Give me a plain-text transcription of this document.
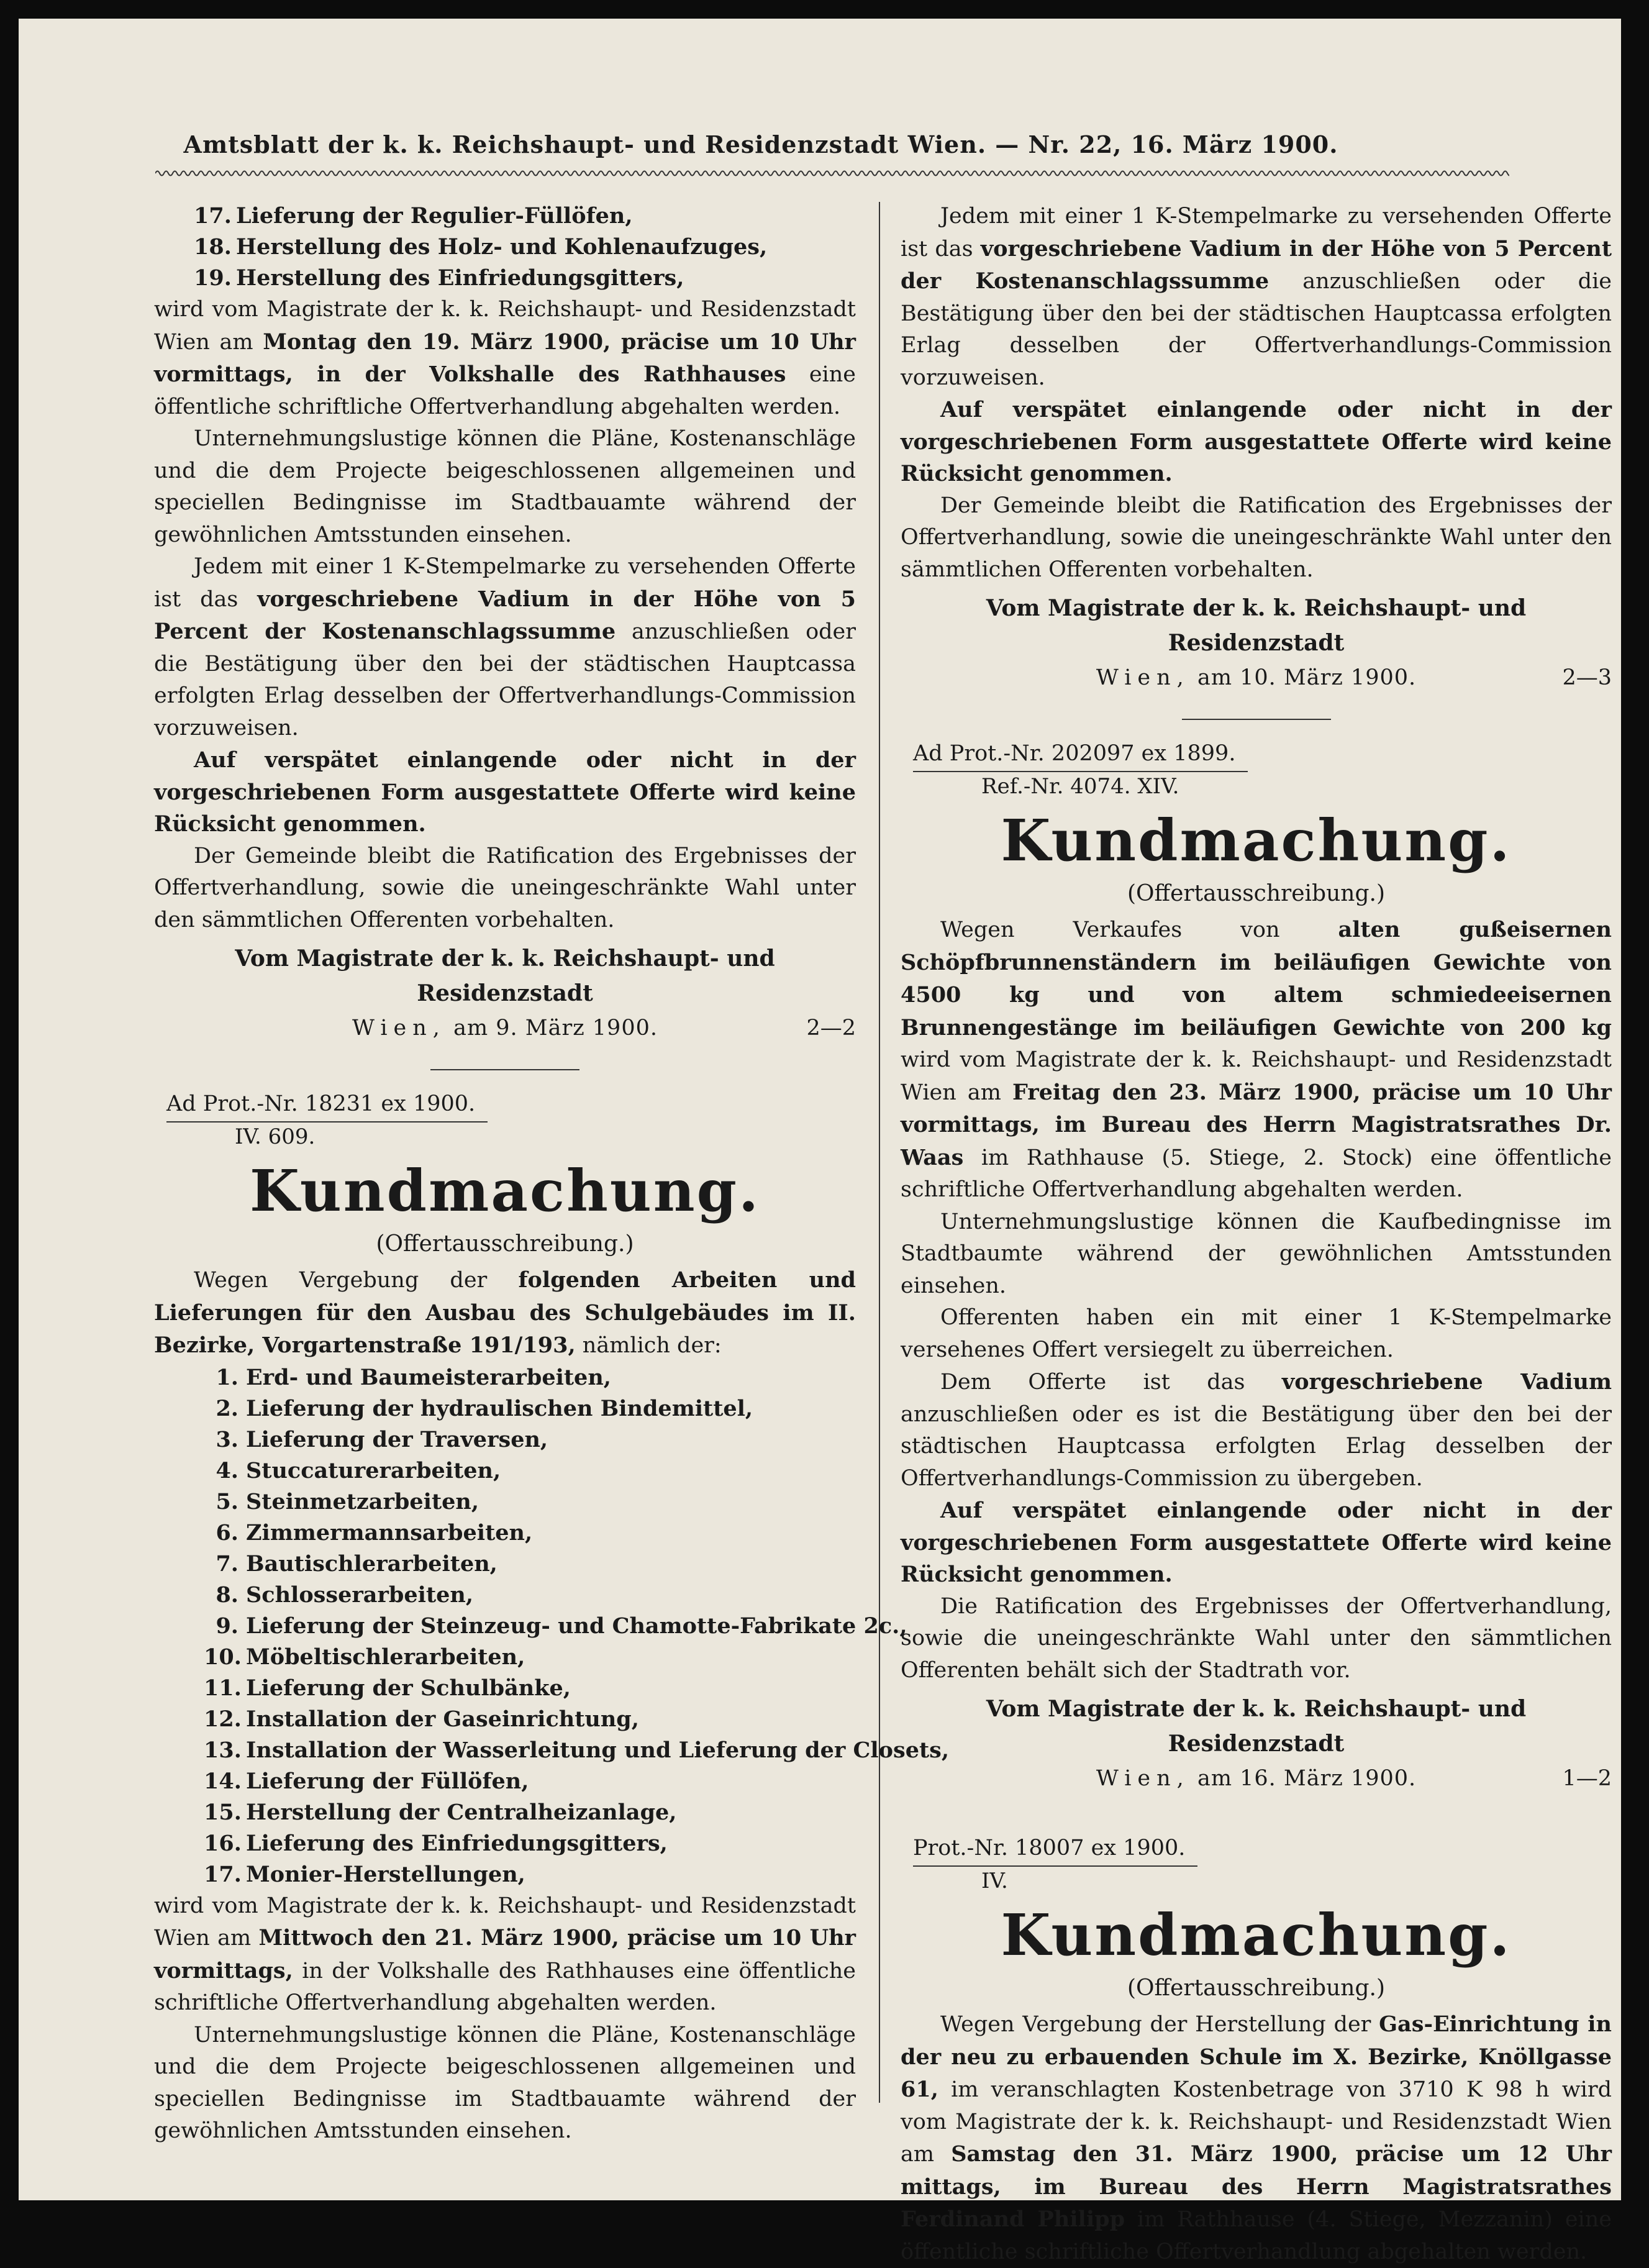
Amtsblatt der k. k. Reichshaupt- und Residenzstadt Wien. — Nr. 22, 16. März 1900.
17. Lieferung der Regulier-Füllöfen,
18. Herstellung des Holz- und Kohlenaufzuges,
19. Herstellung des Einfriedungsgitters,

wird vom Magistrate der k. k. Reichshaupt- und Residenzstadt Wien am Montag den 19. März 1900, präcise um 10 Uhr vormittags, in der Volkshalle des Rathhauses eine öffentliche schriftliche Offertverhandlung abgehalten werden.

Unternehmungslustige können die Pläne, Kostenanschläge und die dem Projecte beigeschlossenen allgemeinen und speciellen Bedingnisse im Stadtbauamte während der gewöhnlichen Amtsstunden einsehen.

Jedem mit einer 1 K-Stempelmarke zu versehenden Offerte ist das vorgeschriebene Vadium in der Höhe von 5 Percent der Kostenanschlagssumme anzuschließen oder die Bestätigung über den bei der städtischen Hauptcassa erfolgten Erlag desselben der Offertverhandlungs-Commission vorzuweisen.

Auf verspätet einlangende oder nicht in der vorgeschriebenen Form ausgestattete Offerte wird keine Rücksicht genommen.

Der Gemeinde bleibt die Ratification des Ergebnisses der Offertverhandlung, sowie die uneingeschränkte Wahl unter den sämmtlichen Offerenten vorbehalten.

Vom Magistrate der k. k. Reichshaupt- und Residenzstadt
Wien, am 9. März 1900.	2—2
Ad Prot.-Nr. 18231 ex 1900.
IV. 609.
Kundmachung.
(Offertausschreibung.)

Wegen Vergebung der folgenden Arbeiten und Lieferungen für den Ausbau des Schulgebäudes im II. Bezirke, Vorgartenstraße 191/193, nämlich der:

1. Erd- und Baumeisterarbeiten,
2. Lieferung der hydraulischen Bindemittel,
3. Lieferung der Traversen,
4. Stuccaturerarbeiten,
5. Steinmetzarbeiten,
6. Zimmermannsarbeiten,
7. Bautischlerarbeiten,
8. Schlosserarbeiten,
9. Lieferung der Steinzeug- und Chamotte-Fabrikate 2c.,
10. Möbeltischlerarbeiten,
11. Lieferung der Schulbänke,
12. Installation der Gaseinrichtung,
13. Installation der Wasserleitung und Lieferung der Closets,
14. Lieferung der Füllöfen,
15. Herstellung der Centralheizanlage,
16. Lieferung des Einfriedungsgitters,
17. Monier-Herstellungen,

wird vom Magistrate der k. k. Reichshaupt- und Residenzstadt Wien am Mittwoch den 21. März 1900, präcise um 10 Uhr vormittags, in der Volkshalle des Rathhauses eine öffentliche schriftliche Offertverhandlung abgehalten werden.

Unternehmungslustige können die Pläne, Kostenanschläge und die dem Projecte beigeschlossenen allgemeinen und speciellen Bedingnisse im Stadtbauamte während der gewöhnlichen Amtsstunden einsehen.

Jedem mit einer 1 K-Stempelmarke zu versehenden Offerte ist das vorgeschriebene Vadium in der Höhe von 5 Percent der Kostenanschlagssumme anzuschließen oder die Bestätigung über den bei der städtischen Hauptcassa erfolgten Erlag desselben der Offertverhandlungs-Commission vorzuweisen.

Auf verspätet einlangende oder nicht in der vorgeschriebenen Form ausgestattete Offerte wird keine Rücksicht genommen.

Der Gemeinde bleibt die Ratification des Ergebnisses der Offertverhandlung, sowie die uneingeschränkte Wahl unter den sämmtlichen Offerenten vorbehalten.

Vom Magistrate der k. k. Reichshaupt- und Residenzstadt
Wien, am 10. März 1900.	2—3
Ad Prot.-Nr. 202097 ex 1899.
Ref.-Nr. 4074. XIV.
Kundmachung.
(Offertausschreibung.)

Wegen Verkaufes von alten gußeisernen Schöpfbrunnenständern im beiläufigen Gewichte von 4500 kg und von altem schmiedeeisernen Brunnengestänge im beiläufigen Gewichte von 200 kg wird vom Magistrate der k. k. Reichshaupt- und Residenzstadt Wien am Freitag den 23. März 1900, präcise um 10 Uhr vormittags, im Bureau des Herrn Magistratsrathes Dr. Waas im Rathhause (5. Stiege, 2. Stock) eine öffentliche schriftliche Offertverhandlung abgehalten werden.

Unternehmungslustige können die Kaufbedingnisse im Stadtbaumte während der gewöhnlichen Amtsstunden einsehen.

Offerenten haben ein mit einer 1 K-Stempelmarke versehenes Offert versiegelt zu überreichen.

Dem Offerte ist das vorgeschriebene Vadium anzuschließen oder es ist die Bestätigung über den bei der städtischen Hauptcassa erfolgten Erlag desselben der Offertverhandlungs-Commission zu übergeben.

Auf verspätet einlangende oder nicht in der vorgeschriebenen Form ausgestattete Offerte wird keine Rücksicht genommen.

Die Ratification des Ergebnisses der Offertverhandlung, sowie die uneingeschränkte Wahl unter den sämmtlichen Offerenten behält sich der Stadtrath vor.

Vom Magistrate der k. k. Reichshaupt- und Residenzstadt
Wien, am 16. März 1900.	1—2
Prot.-Nr. 18007 ex 1900.
IV.
Kundmachung.
(Offertausschreibung.)

Wegen Vergebung der Herstellung der Gas-Einrichtung in der neu zu erbauenden Schule im X. Bezirke, Knöllgasse 61, im veranschlagten Kostenbetrage von 3710 K 98 h wird vom Magistrate der k. k. Reichshaupt- und Residenzstadt Wien am Samstag den 31. März 1900, präcise um 12 Uhr mittags, im Bureau des Herrn Magistratsrathes Ferdinand Philipp im Rathhause (4. Stiege, Mezzanin) eine öffentliche schriftliche Offertverhandlung abgehalten werden.
